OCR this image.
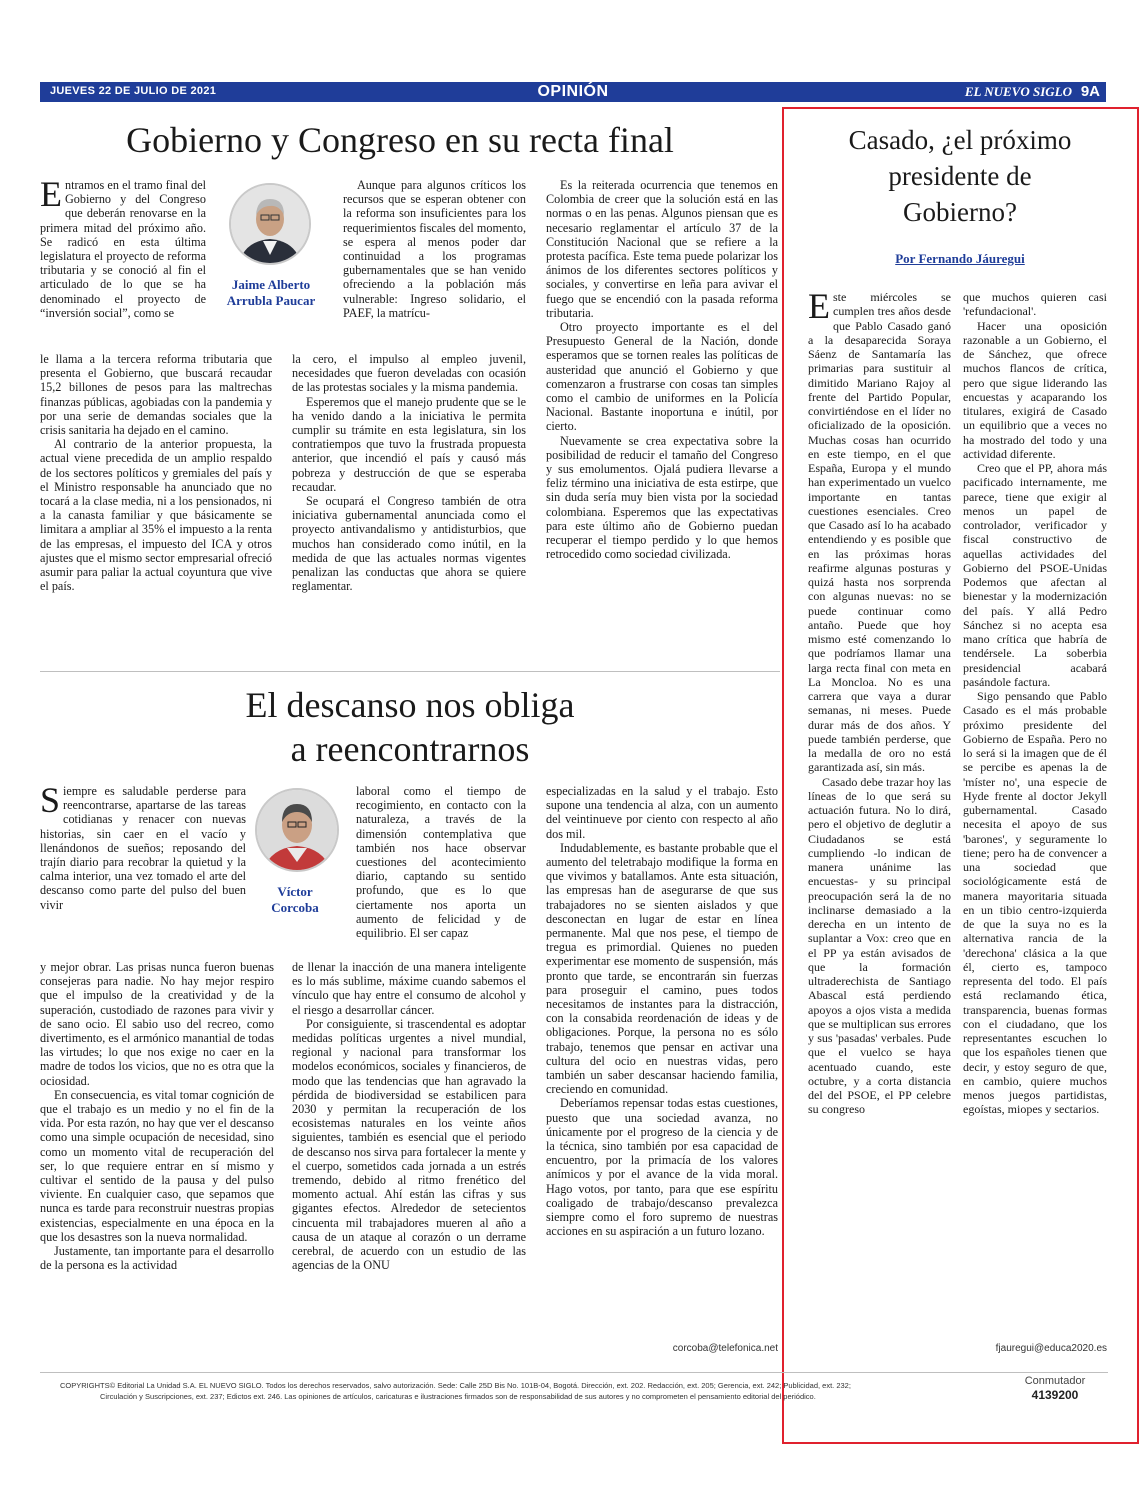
JUEVES 22 DE JULIO DE 2021	OPINIÓN	EL NUEVO SIGLO 9A
Gobierno y Congreso en su recta final
Jaime Alberto
Arrubla Paucar

Entramos en el tramo final del Gobierno y del Congreso que deberán renovarse en la primera mitad del próximo año. Se radicó en esta última legislatura el proyecto de reforma tributaria y se conoció al fin el articulado de lo que se ha denominado el proyecto de “inversión social”, como se

le llama a la tercera reforma tributaria que presenta el Gobierno, que buscará recaudar 15,2 billones de pesos para las maltrechas finanzas públicas, agobiadas con la pandemia y por una serie de demandas sociales que la crisis sanitaria ha dejado en el camino.

Al contrario de la anterior propuesta, la actual viene precedida de un amplio respaldo de los sectores políticos y gremiales del país y el Ministro responsable ha anunciado que no tocará a la clase media, ni a los pensionados, ni a la canasta familiar y que básicamente se limitara a ampliar al 35% el impuesto a la renta de las empresas, el impuesto del ICA y otros ajustes que el mismo sector empresarial ofreció asumir para paliar la actual coyuntura que vive el país.

Aunque para algunos críticos los recursos que se esperan obtener con la reforma son insuficientes para los requerimientos fiscales del momento, se espera al menos poder dar continuidad a los programas gubernamentales que se han venido ofreciendo a la población más vulnerable: Ingreso solidario, el PAEF, la matrícu-

la cero, el impulso al empleo juvenil, necesidades que fueron develadas con ocasión de las protestas sociales y la misma pandemia.

Esperemos que el manejo prudente que se le ha venido dando a la iniciativa le permita cumplir su trámite en esta legislatura, sin los contratiempos que tuvo la frustrada propuesta anterior, que incendió el país y causó más pobreza y destrucción de que se esperaba recaudar.

Se ocupará el Congreso también de otra iniciativa gubernamental anunciada como el proyecto antivandalismo y antidisturbios, que muchos han considerado como inútil, en la medida de que las actuales normas vigentes penalizan las conductas que ahora se quiere reglamentar.

Es la reiterada ocurrencia que tenemos en Colombia de creer que la solución está en las normas o en las penas. Algunos piensan que es necesario reglamentar el artículo 37 de la Constitución Nacional que se refiere a la protesta pacífica. Este tema puede polarizar los ánimos de los diferentes sectores políticos y sociales, y convertirse en leña para avivar el fuego que se encendió con la pasada reforma tributaria.

Otro proyecto importante es el del Presupuesto General de la Nación, donde esperamos que se tornen reales las políticas de austeridad que anunció el Gobierno y que comenzaron a frustrarse con cosas tan simples como el cambio de uniformes en la Policía Nacional. Bastante inoportuna e inútil, por cierto.

Nuevamente se crea expectativa sobre la posibilidad de reducir el tamaño del Congreso y sus emolumentos. Ojalá pudiera llevarse a feliz término una iniciativa de esta estirpe, que sin duda sería muy bien vista por la sociedad colombiana. Esperemos que las expectativas para este último año de Gobierno puedan recuperar el tiempo perdido y lo que hemos retrocedido como sociedad civilizada.

El descanso nos obliga
a reencontrarnos
Víctor
Corcoba

Siempre es saludable perderse para reencontrarse, apartarse de las tareas cotidianas y renacer con nuevas historias, sin caer en el vacío y llenándonos de sueños; reposando del trajín diario para recobrar la quietud y la calma interior, una vez tomado el arte del descanso como parte del pulso del buen vivir

y mejor obrar. Las prisas nunca fueron buenas consejeras para nadie. No hay mejor respiro que el impulso de la creatividad y de la superación, custodiado de razones para vivir y de sano ocio. El sabio uso del recreo, como divertimento, es el armónico manantial de todas las virtudes; lo que nos exige no caer en la madre de todos los vicios, que no es otra que la ociosidad.

En consecuencia, es vital tomar cognición de que el trabajo es un medio y no el fin de la vida. Por esta razón, no hay que ver el descanso como una simple ocupación de necesidad, sino como un momento vital de recuperación del ser, lo que requiere entrar en sí mismo y cultivar el sentido de la pausa y del pulso viviente. En cualquier caso, que sepamos que nunca es tarde para reconstruir nuestras propias existencias, especialmente en una época en la que los desastres son la nueva normalidad.

Justamente, tan importante para el desarrollo de la persona es la actividad

laboral como el tiempo de recogimiento, en contacto con la naturaleza, a través de la dimensión contemplativa que también nos hace observar cuestiones del acontecimiento diario, captando su sentido profundo, que es lo que ciertamente nos aporta un aumento de felicidad y de equilibrio. El ser capaz

de llenar la inacción de una manera inteligente es lo más sublime, máxime cuando sabemos el vínculo que hay entre el consumo de alcohol y el riesgo a desarrollar cáncer.

Por consiguiente, si trascendental es adoptar medidas políticas urgentes a nivel mundial, regional y nacional para transformar los modelos económicos, sociales y financieros, de modo que las tendencias que han agravado la pérdida de biodiversidad se estabilicen para 2030 y permitan la recuperación de los ecosistemas naturales en los veinte años siguientes, también es esencial que el periodo de descanso nos sirva para fortalecer la mente y el cuerpo, sometidos cada jornada a un estrés tremendo, debido al ritmo frenético del momento actual. Ahí están las cifras y sus gigantes efectos. Alrededor de setecientos cincuenta mil trabajadores mueren al año a causa de un ataque al corazón o un derrame cerebral, de acuerdo con un estudio de las agencias de la ONU

especializadas en la salud y el trabajo. Esto supone una tendencia al alza, con un aumento del veintinueve por ciento con respecto al año dos mil.

Indudablemente, es bastante probable que el aumento del teletrabajo modifique la forma en que vivimos y batallamos. Ante esta situación, las empresas han de asegurarse de que sus trabajadores no se sienten aislados y que desconectan en lugar de estar en línea permanente. Mal que nos pese, el tiempo de tregua es primordial. Quienes no pueden experimentar ese momento de suspensión, más pronto que tarde, se encontrarán sin fuerzas para proseguir el camino, pues todos necesitamos de instantes para la distracción, con la consabida reordenación de ideas y de obligaciones. Porque, la persona no es sólo trabajo, tenemos que pensar en activar una cultura del ocio en nuestras vidas, pero también un saber descansar haciendo familia, creciendo en comunidad.

Deberíamos repensar todas estas cuestiones, puesto que una sociedad avanza, no únicamente por el progreso de la ciencia y de la técnica, sino también por esa capacidad de encuentro, por la primacía de los valores anímicos y por el avance de la vida moral. Hago votos, por tanto, para que ese espíritu coaligado de trabajo/descanso prevalezca siempre como el foro supremo de nuestras acciones en su aspiración a un futuro lozano.

corcoba@telefonica.net
Casado, ¿el próximo
presidente de
Gobierno?
Por Fernando Jáuregui

Este miércoles se cumplen tres años desde que Pablo Casado ganó a la desaparecida Soraya Sáenz de Santamaría las primarias para sustituir al dimitido Mariano Rajoy al frente del Partido Popular, convirtiéndose en el líder no oficializado de la oposición. Muchas cosas han ocurrido en este tiempo, en el que España, Europa y el mundo han experimentado un vuelco importante en tantas cuestiones esenciales. Creo que Casado así lo ha acabado entendiendo y es posible que en las próximas horas reafirme algunas posturas y quizá hasta nos sorprenda con algunas nuevas: no se puede continuar como antaño. Puede que hoy mismo esté comenzando lo que podríamos llamar una larga recta final con meta en La Moncloa. No es una carrera que vaya a durar semanas, ni meses. Puede durar más de dos años. Y puede también perderse, que la medalla de oro no está garantizada así, sin más.

Casado debe trazar hoy las líneas de lo que será su actuación futura. No lo dirá, pero el objetivo de deglutir a Ciudadanos se está cumpliendo -lo indican de manera unánime las encuestas- y su principal preocupación será la de no inclinarse demasiado a la derecha en un intento de suplantar a Vox: creo que en el PP ya están avisados de que la formación ultraderechista de Santiago Abascal está perdiendo apoyos a ojos vista a medida que se multiplican sus errores y sus 'pasadas' verbales. Pude que el vuelco se haya acentuado cuando, este octubre, y a corta distancia del del PSOE, el PP celebre su congreso

que muchos quieren casi 'refundacional'.

Hacer una oposición razonable a un Gobierno, el de Sánchez, que ofrece muchos flancos de crítica, pero que sigue liderando las encuestas y acaparando los titulares, exigirá de Casado un equilibrio que a veces no ha mostrado del todo y una actividad diferente.

Creo que el PP, ahora más pacificado internamente, me parece, tiene que exigir al menos un papel de controlador, verificador y fiscal constructivo de aquellas actividades del Gobierno del PSOE-Unidas Podemos que afectan al bienestar y la modernización del país. Y allá Pedro Sánchez si no acepta esa mano crítica que habría de tendérsele. La soberbia presidencial acabará pasándole factura.

Sigo pensando que Pablo Casado es el más probable próximo presidente del Gobierno de España. Pero no lo será si la imagen que de él se percibe es apenas la de 'míster no', una especie de Hyde frente al doctor Jekyll gubernamental. Casado necesita el apoyo de sus 'barones', y seguramente lo tiene; pero ha de convencer a una sociedad que sociológicamente está de manera mayoritaria situada en un tibio centro-izquierda de que la suya no es la alternativa rancia de la 'derechona' clásica a la que él, cierto es, tampoco representa del todo. El país está reclamando ética, transparencia, buenas formas con el ciudadano, que los representantes escuchen lo que los españoles tienen que decir, y estoy seguro de que, en cambio, quiere muchos menos juegos partidistas, egoístas, miopes y sectarios.

fjauregui@educa2020.es
COPYRIGHTS© Editorial La Unidad S.A. EL NUEVO SIGLO. Todos los derechos reservados, salvo autorización. Sede: Calle 25D Bis No. 101B-04, Bogotá. Dirección, ext. 202. Redacción, ext. 205; Gerencia, ext. 242; Publicidad, ext. 232;
Circulación y Suscripciones, ext. 237; Edictos ext. 246. Las opiniones de artículos, caricaturas e ilustraciones firmados son de responsabilidad de sus autores y no comprometen el pensamiento editorial del periódico.
Conmutador
4139200
